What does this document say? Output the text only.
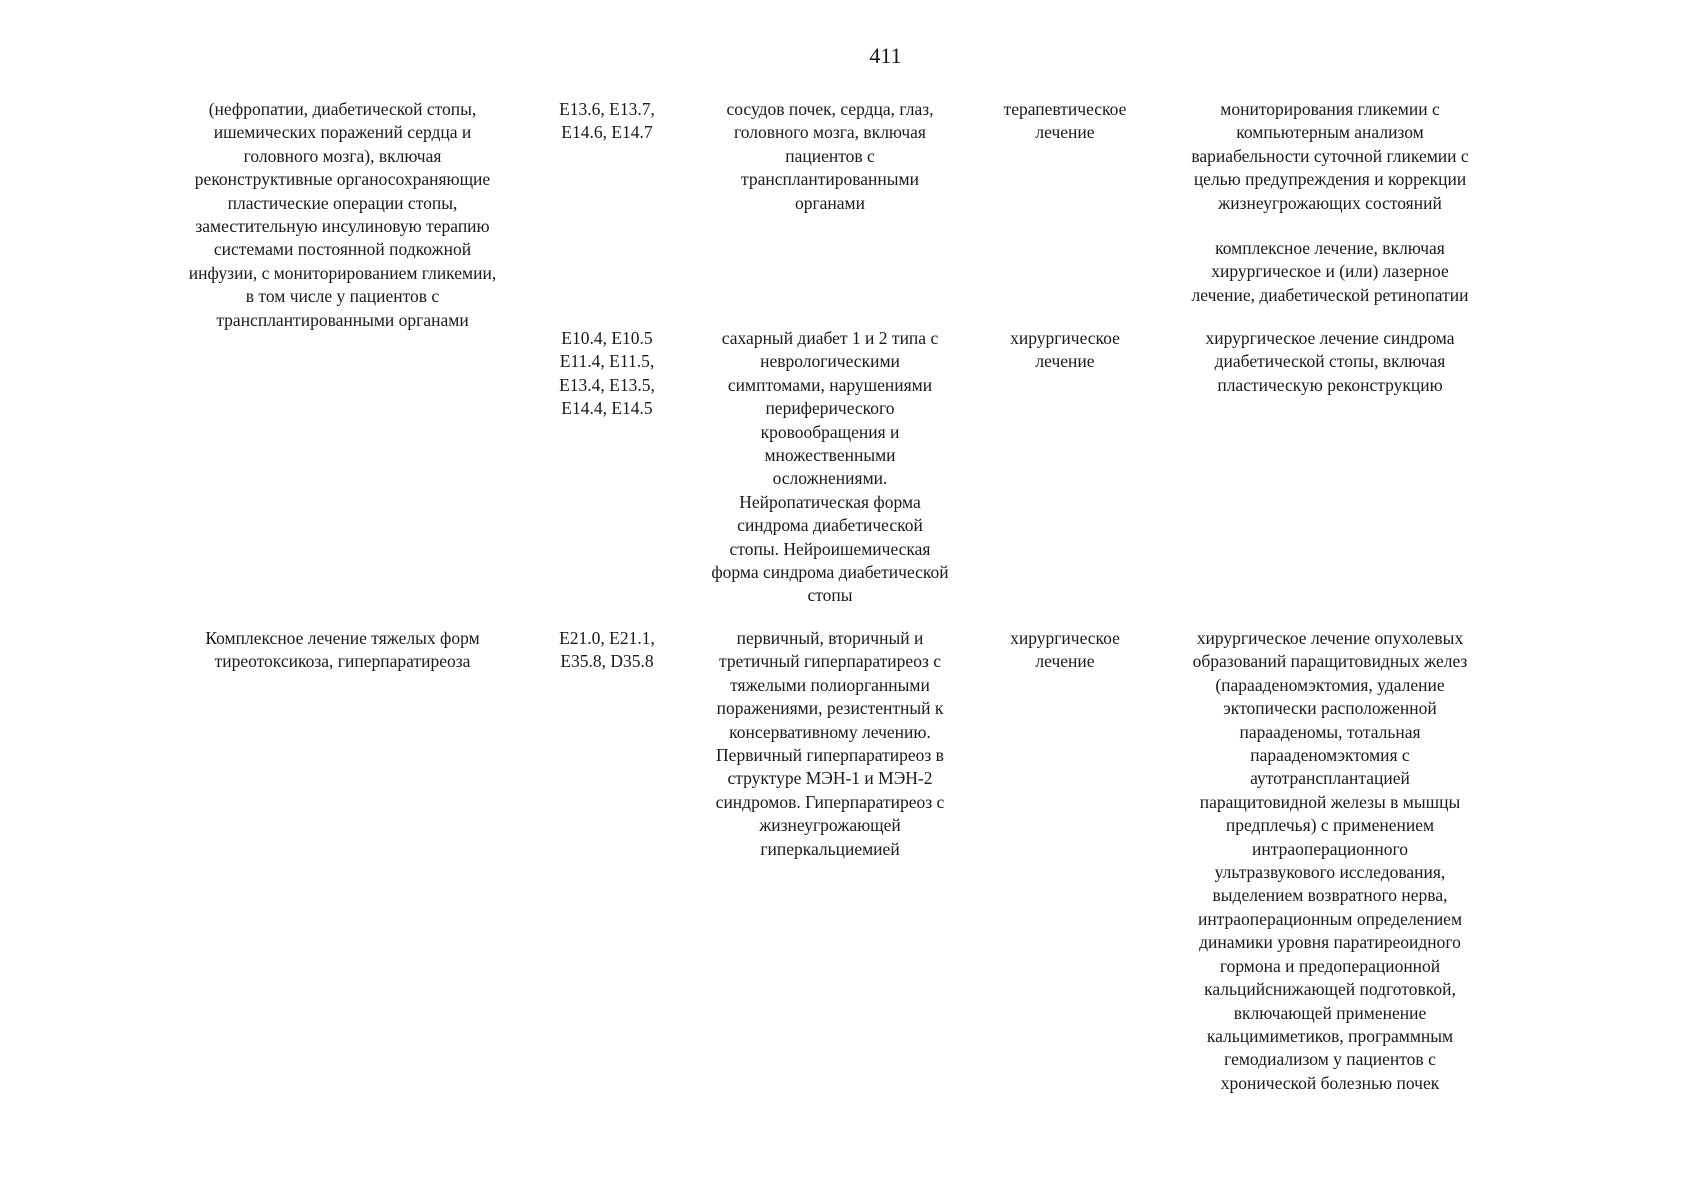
411
(нефропатии, диабетической стопы,
ишемических поражений сердца и
головного мозга), включая
реконструктивные органосохраняющие
пластические операции стопы,
заместительную инсулиновую терапию
системами постоянной подкожной
инфузии, с мониторированием гликемии,
в том числе у пациентов с
трансплантированными органами
E13.6, E13.7,
E14.6, E14.7
сосудов почек, сердца, глаз,
головного мозга, включая
пациентов с
трансплантированными
органами
терапевтическое
лечение
мониторирования гликемии с
компьютерным анализом
вариабельности суточной гликемии с
целью предупреждения и коррекции
жизнеугрожающих состояний
комплексное лечение, включая
хирургическое и (или) лазерное
лечение, диабетической ретинопатии
E10.4, E10.5
E11.4, E11.5,
E13.4, E13.5,
E14.4, E14.5
сахарный диабет 1 и 2 типа с
неврологическими
симптомами, нарушениями
периферического
кровообращения и
множественными
осложнениями.
Нейропатическая форма
синдрома диабетической
стопы. Нейроишемическая
форма синдрома диабетической
стопы
хирургическое
лечение
хирургическое лечение синдрома
диабетической стопы, включая
пластическую реконструкцию
Комплексное лечение тяжелых форм
тиреотоксикоза, гиперпаратиреоза
E21.0, E21.1,
E35.8, D35.8
первичный, вторичный и
третичный гиперпаратиреоз с
тяжелыми полиорганными
поражениями, резистентный к
консервативному лечению.
Первичный гиперпаратиреоз в
структуре МЭН-1 и МЭН-2
синдромов. Гиперпаратиреоз с
жизнеугрожающей
гиперкальциемией
хирургическое
лечение
хирургическое лечение опухолевых
образований паращитовидных желез
(парааденомэктомия, удаление
эктопически расположенной
парааденомы, тотальная
парааденомэктомия с
аутотрансплантацией
паращитовидной железы в мышцы
предплечья) с применением
интраоперационного
ультразвукового исследования,
выделением возвратного нерва,
интраоперационным определением
динамики уровня паратиреоидного
гормона и предоперационной
кальцийснижающей подготовкой,
включающей применение
кальцимиметиков, программным
гемодиализом у пациентов с
хронической болезнью почек
